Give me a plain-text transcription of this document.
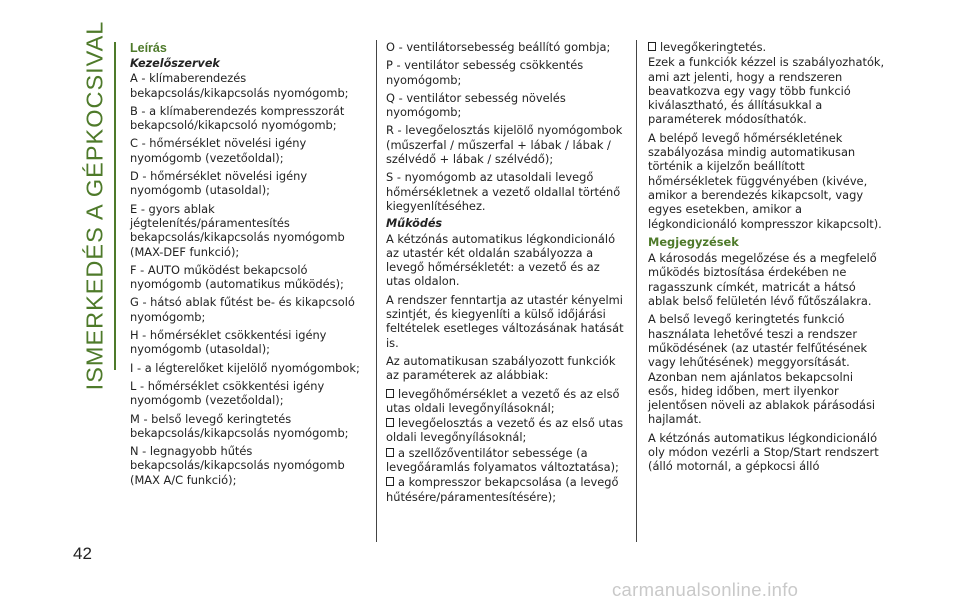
ISMERKEDÉS A GÉPKOCSIVAL Leírás
Kezelőszervek

A - klímaberendezés bekapcsolás/kikapcsolás nyomógomb;

B - a klímaberendezés kompresszorát bekapcsoló/kikapcsoló nyomógomb;

C - hőmérséklet növelési igény nyomógomb (vezetőoldal);

D - hőmérséklet növelési igény nyomógomb (utasoldal);

E - gyors ablak jégtelenítés/páramentesítés bekapcsolás/kikapcsolás nyomógomb (MAX-DEF funkció);

F - AUTO működést bekapcsoló nyomógomb (automatikus működés);

G - hátsó ablak fűtést be- és kikapcsoló nyomógomb;

H - hőmérséklet csökkentési igény nyomógomb (utasoldal);

I - a légterelőket kijelölő nyomógombok;

L - hőmérséklet csökkentési igény nyomógomb (vezetőoldal);

M - belső levegő keringtetés bekapcsolás/kikapcsolás nyomógomb;

N - legnagyobb hűtés bekapcsolás/kikapcsolás nyomógomb (MAX A/C funkció);

O - ventilátorsebesség beállító gombja;

P - ventilátor sebesség csökkentés nyomógomb;

Q - ventilátor sebesség növelés nyomógomb;

R - levegőelosztás kijelölő nyomógombok (műszerfal / műszerfal + lábak / lábak / szélvédő + lábak / szélvédő);

S - nyomógomb az utasoldali levegő hőmérsékletnek a vezető oldallal történő kiegyenlítéséhez.

Működés

A kétzónás automatikus légkondicionáló az utastér két oldalán szabályozza a levegő hőmérsékletét: a vezető és az utas oldalon.

A rendszer fenntartja az utastér kényelmi szintjét, és kiegyenlíti a külső időjárási feltételek esetleges változásának hatását is.

Az automatikusan szabályozott funkciók az paraméterek az alábbiak:

levegőhőmérséklet a vezető és az első utas oldali levegőnyílásoknál;
levegőelosztás a vezető és az első utas oldali levegőnyílásoknál;
a szellőzőventilátor sebessége (a levegőáramlás folyamatos változtatása);
a kompresszor bekapcsolása (a levegő hűtésére/páramentesítésére);
levegőkeringtetés.

Ezek a funkciók kézzel is szabályozhatók, ami azt jelenti, hogy a rendszeren beavatkozva egy vagy több funkció kiválasztható, és állításukkal a paraméterek módosíthatók.

A belépő levegő hőmérsékletének szabályozása mindig automatikusan történik a kijelzőn beállított hőmérsékletek függvényében (kivéve, amikor a berendezés kikapcsolt, vagy egyes esetekben, amikor a légkondicionáló kompresszor kikapcsolt).

Megjegyzések

A károsodás megelőzése és a megfelelő működés biztosítása érdekében ne ragasszunk címkét, matricát a hátsó ablak belső felületén lévő fűtőszálakra.

A belső levegő keringtetés funkció használata lehetővé teszi a rendszer működésének (az utastér felfűtésének vagy lehűtésének) meggyorsítását. Azonban nem ajánlatos bekapcsolni esős, hideg időben, mert ilyenkor jelentősen növeli az ablakok párásodási hajlamát.

A kétzónás automatikus légkondicionáló oly módon vezérli a Stop/Start rendszert (álló motornál, a gépkocsi álló

42
carmanualsonline.info
